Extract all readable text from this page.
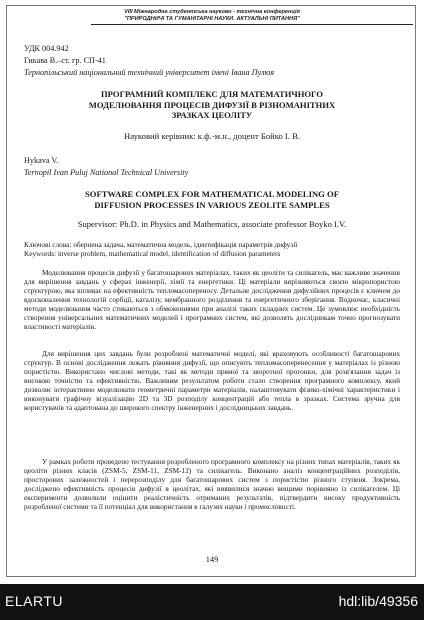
VIII Міжнародна студентська науково - технічна конференція
"ПРИРОДНИЧІ ТА ГУМАНІТАРНІ НАУКИ. АКТУАЛЬНІ ПИТАННЯ"
УДК 004.942
Гикава В.–ст. гр. СП-41
Тернопільський національний технічний університет імені Івана Пулюя
ПРОГРАМНИЙ КОМПЛЕКС ДЛЯ МАТЕМАТИЧНОГО
МОДЕЛЮВАННЯ ПРОЦЕСІВ ДИФУЗІЇ В РІЗНОМАНІТНИХ
ЗРАЗКАХ ЦЕОЛІТУ
Науковий керівник: к.ф.-м.н., доцент Бойко І. В.
Hykava V.
Ternopil Ivan Puluj National Technical University
SOFTWARE COMPLEX FOR MATHEMATICAL MODELING OF
DIFFUSION PROCESSES IN VARIOUS ZEOLITE SAMPLES
Supervisor: Ph.D. in Physics and Mathematics, associate professor Boyko I.V.
Ключові слова: обернена задача, математична модель, ідентифікація параметрів дифузії
Keywords: inverse problem, mathematical model, identification of diffusion parameters
Моделювання процесів дифузії у багатошарових матеріалах, таких як цеоліти та силікагель, має важливе значення для вирішення завдань у сферах інженерії, хімії та енергетики. Ці матеріали вирізняються своєю мікропористою структурою, яка впливає на ефективність тепломасопереносу. Детальне дослідження дифузійних процесів є ключем до вдосконалення технологій сорбції, каталізу, мембранного розділення та енергетичного зберігання. Водночас, класичні методи моделювання часто стикаються з обмеженнями при аналізі таких складних систем. Це зумовлює необхідність створення універсальних математичних моделей і програмних систем, які дозволять дослідникам точно прогнозувати властивості матеріалів.
Для вирішення цих завдань були розроблені математичні моделі, які враховують особливості багатошарових структур. В основі дослідження лежать рівняння дифузії, що описують тепломасоперенесення у матеріалах із різною пористістю. Використано числові методи, такі як методи прямої та зворотної прогонки, для розв'язання задач із високою точністю та ефективністю. Важливим результатом роботи стало створення програмного комплексу, який дозволяє інтерактивно моделювати геометричні параметри матеріалів, налаштовувати фізико-хімічні характеристики і виконувати графічну візуалізацію 2D та 3D розподілу концентрацій або тепла в зразках. Система зручна для користувачів та адаптована до широкого спектру інженерних і дослідницьких завдань.
У рамках роботи проведено тестування розробленого програмного комплексу на різних типах матеріалів, таких як цеоліти різних класів (ZSM-5, ZSM-11, ZSM-12) та силікагель. Виконано аналіз концентраційних розподілів, просторових залежностей і перерозподілу для багатошарових систем з пористістю різного ступеня. Зокрема, досліджено ефективність процесів дифузії в цеолітах, які виявилися значно вищими порівняно із силікагелем. Ці експерименти дозволили оцінити реалістичність отриманих результатів, підтвердити високу продуктивність розробленої системи та її потенціал для використання в галузях науки і промисловості.
149
ELARTU	hdl:lib/49356
